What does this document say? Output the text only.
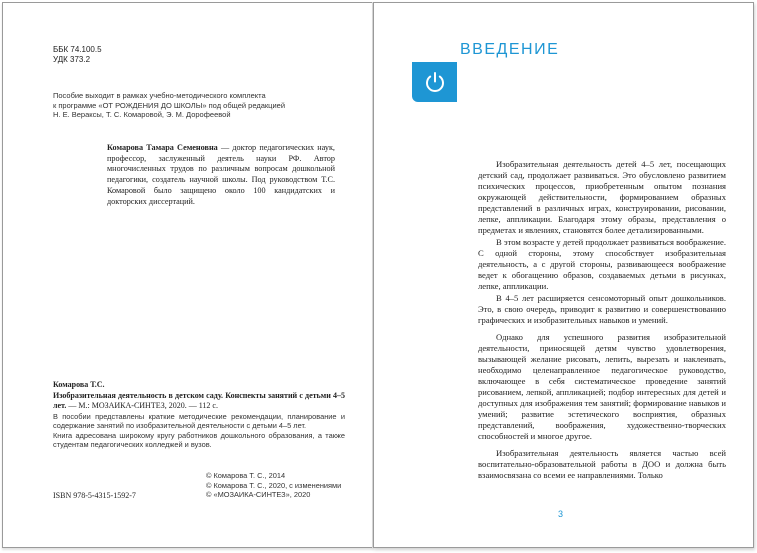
ББК 74.100.5
УДК 373.2
Пособие выходит в рамках учебно-методического комплекта
к программе «ОТ РОЖДЕНИЯ ДО ШКОЛЫ» под общей редакцией
Н. Е. Вераксы, Т. С. Комаровой, Э. М. Дорофеевой
Комарова Тамара Семеновна — доктор педагогических наук, профессор, заслуженный деятель науки РФ. Автор многочисленных трудов по различным вопросам дошкольной педагогики, создатель научной школы. Под руководством Т.С. Комаровой было защищено около 100 кандидатских и докторских диссертаций.
Комарова Т.С.
Изобразительная деятельность в детском саду. Конспекты занятий с детьми 4–5 лет. — М.: МОЗАИКА-СИНТЕЗ, 2020. — 112 с.
В пособии представлены краткие методические рекомендации, планирование и содержание занятий по изобразительной деятельности с детьми 4–5 лет.
Книга адресована широкому кругу работников дошкольного образования, а также студентам педагогических колледжей и вузов.
© Комарова Т. С., 2014
© Комарова Т. С., 2020, с изменениями
© «МОЗАИКА-СИНТЕЗ», 2020
ISBN 978-5-4315-1592-7
ВВЕДЕНИЕ

Изобразительная деятельность детей 4–5 лет, посещающих детский сад, продолжает развиваться. Это обусловлено развитием психических процессов, приобретенным опытом познания окружающей действительности, формированием образных представлений в различных играх, конструировании, рисовании, лепке, аппликации. Благодаря этому образы, представления о предметах и явлениях, становятся более детализированными.

В этом возрасте у детей продолжает развиваться воображение. С одной стороны, этому способствует изобразительная деятельность, а с другой стороны, развивающееся воображение ведет к обогащению образов, создаваемых детьми в рисунках, лепке, аппликации.

В 4–5 лет расширяется сенсомоторный опыт дошкольников. Это, в свою очередь, приводит к развитию и совершенствованию графических и изобразительных навыков и умений.

Однако для успешного развития изобразительной деятельности, приносящей детям чувство удовлетворения, вызывающей желание рисовать, лепить, вырезать и наклеивать, необходимо целенаправленное педагогическое руководство, включающее в себя систематическое проведение занятий рисованием, лепкой, аппликацией; подбор интересных для детей и доступных для изображения тем занятий; формирование навыков и умений; развитие эстетического восприятия, образных представлений, воображения, художественно-творческих способностей и многое другое.

Изобразительная деятельность является частью всей воспитательно-образовательной работы в ДОО и должна быть взаимосвязана со всеми ее направлениями. Только

3
